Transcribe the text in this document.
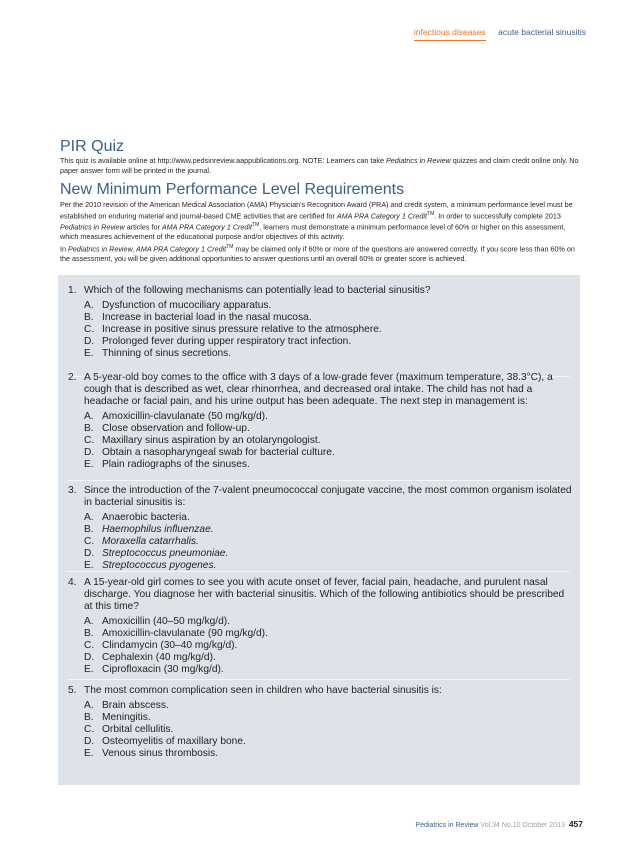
infectious diseases acute bacterial sinusitis
PIR Quiz

This quiz is available online at http://www.pedsinreview.aappublications.org. NOTE: Learners can take Pediatrics in Review quizzes and claim credit online only. No paper answer form will be printed in the journal.

New Minimum Performance Level Requirements

Per the 2010 revision of the American Medical Association (AMA) Physician's Recognition Award (PRA) and credit system, a minimum performance level must be established on enduring material and journal-based CME activities that are certified for AMA PRA Category 1 Credit™. In order to successfully complete 2013 Pediatrics in Review articles for AMA PRA Category 1 Credit™, learners must demonstrate a minimum performance level of 60% or higher on this assessment, which measures achievement of the educational purpose and/or objectives of this activity.

In Pediatrics in Review, AMA PRA Category 1 Credit™ may be claimed only if 60% or more of the questions are answered correctly. If you score less than 60% on the assessment, you will be given additional opportunities to answer questions until an overall 60% or greater score is achieved.

1. Which of the following mechanisms can potentially lead to bacterial sinusitis?
A. Dysfunction of mucociliary apparatus.
B. Increase in bacterial load in the nasal mucosa.
C. Increase in positive sinus pressure relative to the atmosphere.
D. Prolonged fever during upper respiratory tract infection.
E. Thinning of sinus secretions.
2. A 5-year-old boy comes to the office with 3 days of a low-grade fever (maximum temperature, 38.3°C), a cough that is described as wet, clear rhinorrhea, and decreased oral intake. The child has not had a headache or facial pain, and his urine output has been adequate. The next step in management is:
A. Amoxicillin-clavulanate (50 mg/kg/d).
B. Close observation and follow-up.
C. Maxillary sinus aspiration by an otolaryngologist.
D. Obtain a nasopharyngeal swab for bacterial culture.
E. Plain radiographs of the sinuses.
3. Since the introduction of the 7-valent pneumococcal conjugate vaccine, the most common organism isolated in bacterial sinusitis is:
A. Anaerobic bacteria.
B. Haemophilus influenzae.
C. Moraxella catarrhalis.
D. Streptococcus pneumoniae.
E. Streptococcus pyogenes.
4. A 15-year-old girl comes to see you with acute onset of fever, facial pain, headache, and purulent nasal discharge. You diagnose her with bacterial sinusitis. Which of the following antibiotics should be prescribed at this time?
A. Amoxicillin (40–50 mg/kg/d).
B. Amoxicillin-clavulanate (90 mg/kg/d).
C. Clindamycin (30–40 mg/kg/d).
D. Cephalexin (40 mg/kg/d).
E. Ciprofloxacin (30 mg/kg/d).
5. The most common complication seen in children who have bacterial sinusitis is:
A. Brain abscess.
B. Meningitis.
C. Orbital cellulitis.
D. Osteomyelitis of maxillary bone.
E. Venous sinus thrombosis.
Pediatrics in Review Vol.34 No.10 October 2013 457
